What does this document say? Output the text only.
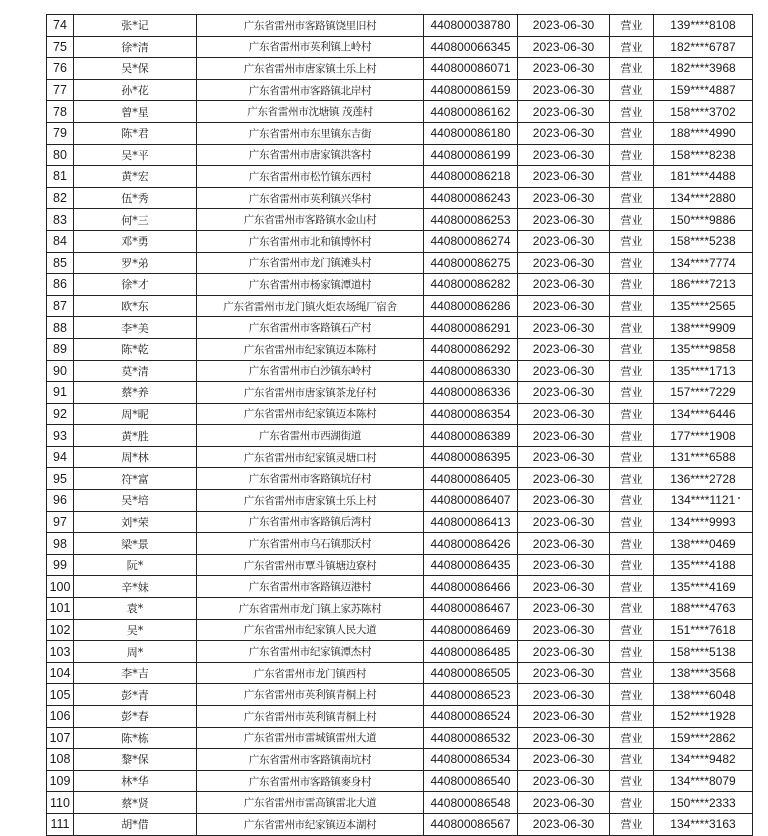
74	张*记	广东省雷州市客路镇饶里旧村	440800038780	2023-06-30	营业	139****8108
75	徐*清	广东省雷州市英利镇上岭村	440800066345	2023-06-30	营业	182****6787
76	吴*保	广东省雷州市唐家镇土乐上村	440800086071	2023-06-30	营业	182****3968
77	孙*花	广东省雷州市客路镇北岸村	440800086159	2023-06-30	营业	159****4887
78	曾*星	广东省雷州市沈塘镇 茂莲村	440800086162	2023-06-30	营业	158****3702
79	陈*君	广东省雷州市东里镇东吉街	440800086180	2023-06-30	营业	188****4990
80	吴*平	广东省雷州市唐家镇洪客村	440800086199	2023-06-30	营业	158****8238
81	黄*宏	广东省雷州市松竹镇东西村	440800086218	2023-06-30	营业	181****4488
82	伍*秀	广东省雷州市英利镇兴华村	440800086243	2023-06-30	营业	134****2880
83	何*三	广东省雷州市客路镇水金山村	440800086253	2023-06-30	营业	150****9886
84	邓*勇	广东省雷州市北和镇博怀村	440800086274	2023-06-30	营业	158****5238
85	罗*弟	广东省雷州市龙门镇滩头村	440800086275	2023-06-30	营业	134****7774
86	徐*才	广东省雷州市杨家镇潭道村	440800086282	2023-06-30	营业	186****7213
87	欧*东	广东省雷州市龙门镇火炬农场绳厂宿舍	440800086286	2023-06-30	营业	135****2565
88	李*美	广东省雷州市客路镇石产村	440800086291	2023-06-30	营业	138****9909
89	陈*乾	广东省雷州市纪家镇迈本陈村	440800086292	2023-06-30	营业	135****9858
90	莫*清	广东省雷州市白沙镇东岭村	440800086330	2023-06-30	营业	135****1713
91	蔡*养	广东省雷州市唐家镇茶龙仔村	440800086336	2023-06-30	营业	157****7229
92	周*昵	广东省雷州市纪家镇迈本陈村	440800086354	2023-06-30	营业	134****6446
93	黄*胜	广东省雷州市西湖街道	440800086389	2023-06-30	营业	177****1908
94	周*林	广东省雷州市纪家镇灵塘口村	440800086395	2023-06-30	营业	131****6588
95	符*富	广东省雷州市客路镇坑仔村	440800086405	2023-06-30	营业	136****2728
96	吴*培	广东省雷州市唐家镇土乐上村	440800086407	2023-06-30	营业	134****1121
97	刘*荣	广东省雷州市客路镇后湾村	440800086413	2023-06-30	营业	134****9993
98	梁*景	广东省雷州市乌石镇那沃村	440800086426	2023-06-30	营业	138****0469
99	阮*	广东省雷州市覃斗镇塘边寮村	440800086435	2023-06-30	营业	135****4188
100	辛*妹	广东省雷州市客路镇迈港村	440800086466	2023-06-30	营业	135****4169
101	袁*	广东省雷州市龙门镇上家苏陈村	440800086467	2023-06-30	营业	188****4763
102	吴*	广东省雷州市纪家镇人民大道	440800086469	2023-06-30	营业	151****7618
103	周*	广东省雷州市纪家镇潭杰村	440800086485	2023-06-30	营业	158****5138
104	李*吉	广东省雷州市龙门镇西村	440800086505	2023-06-30	营业	138****3568
105	彭*青	广东省雷州市英利镇青桐上村	440800086523	2023-06-30	营业	138****6048
106	彭*春	广东省雷州市英利镇青桐上村	440800086524	2023-06-30	营业	152****1928
107	陈*栋	广东省雷州市雷城镇雷州大道	440800086532	2023-06-30	营业	159****2862
108	黎*保	广东省雷州市客路镇南坑村	440800086534	2023-06-30	营业	134****9482
109	林*华	广东省雷州市客路镇麥身村	440800086540	2023-06-30	营业	134****8079
110	蔡*贤	广东省雷州市雷高镇雷北大道	440800086548	2023-06-30	营业	150****2333
111	胡*借	广东省雷州市纪家镇迈本湖村	440800086567	2023-06-30	营业	134****3163
